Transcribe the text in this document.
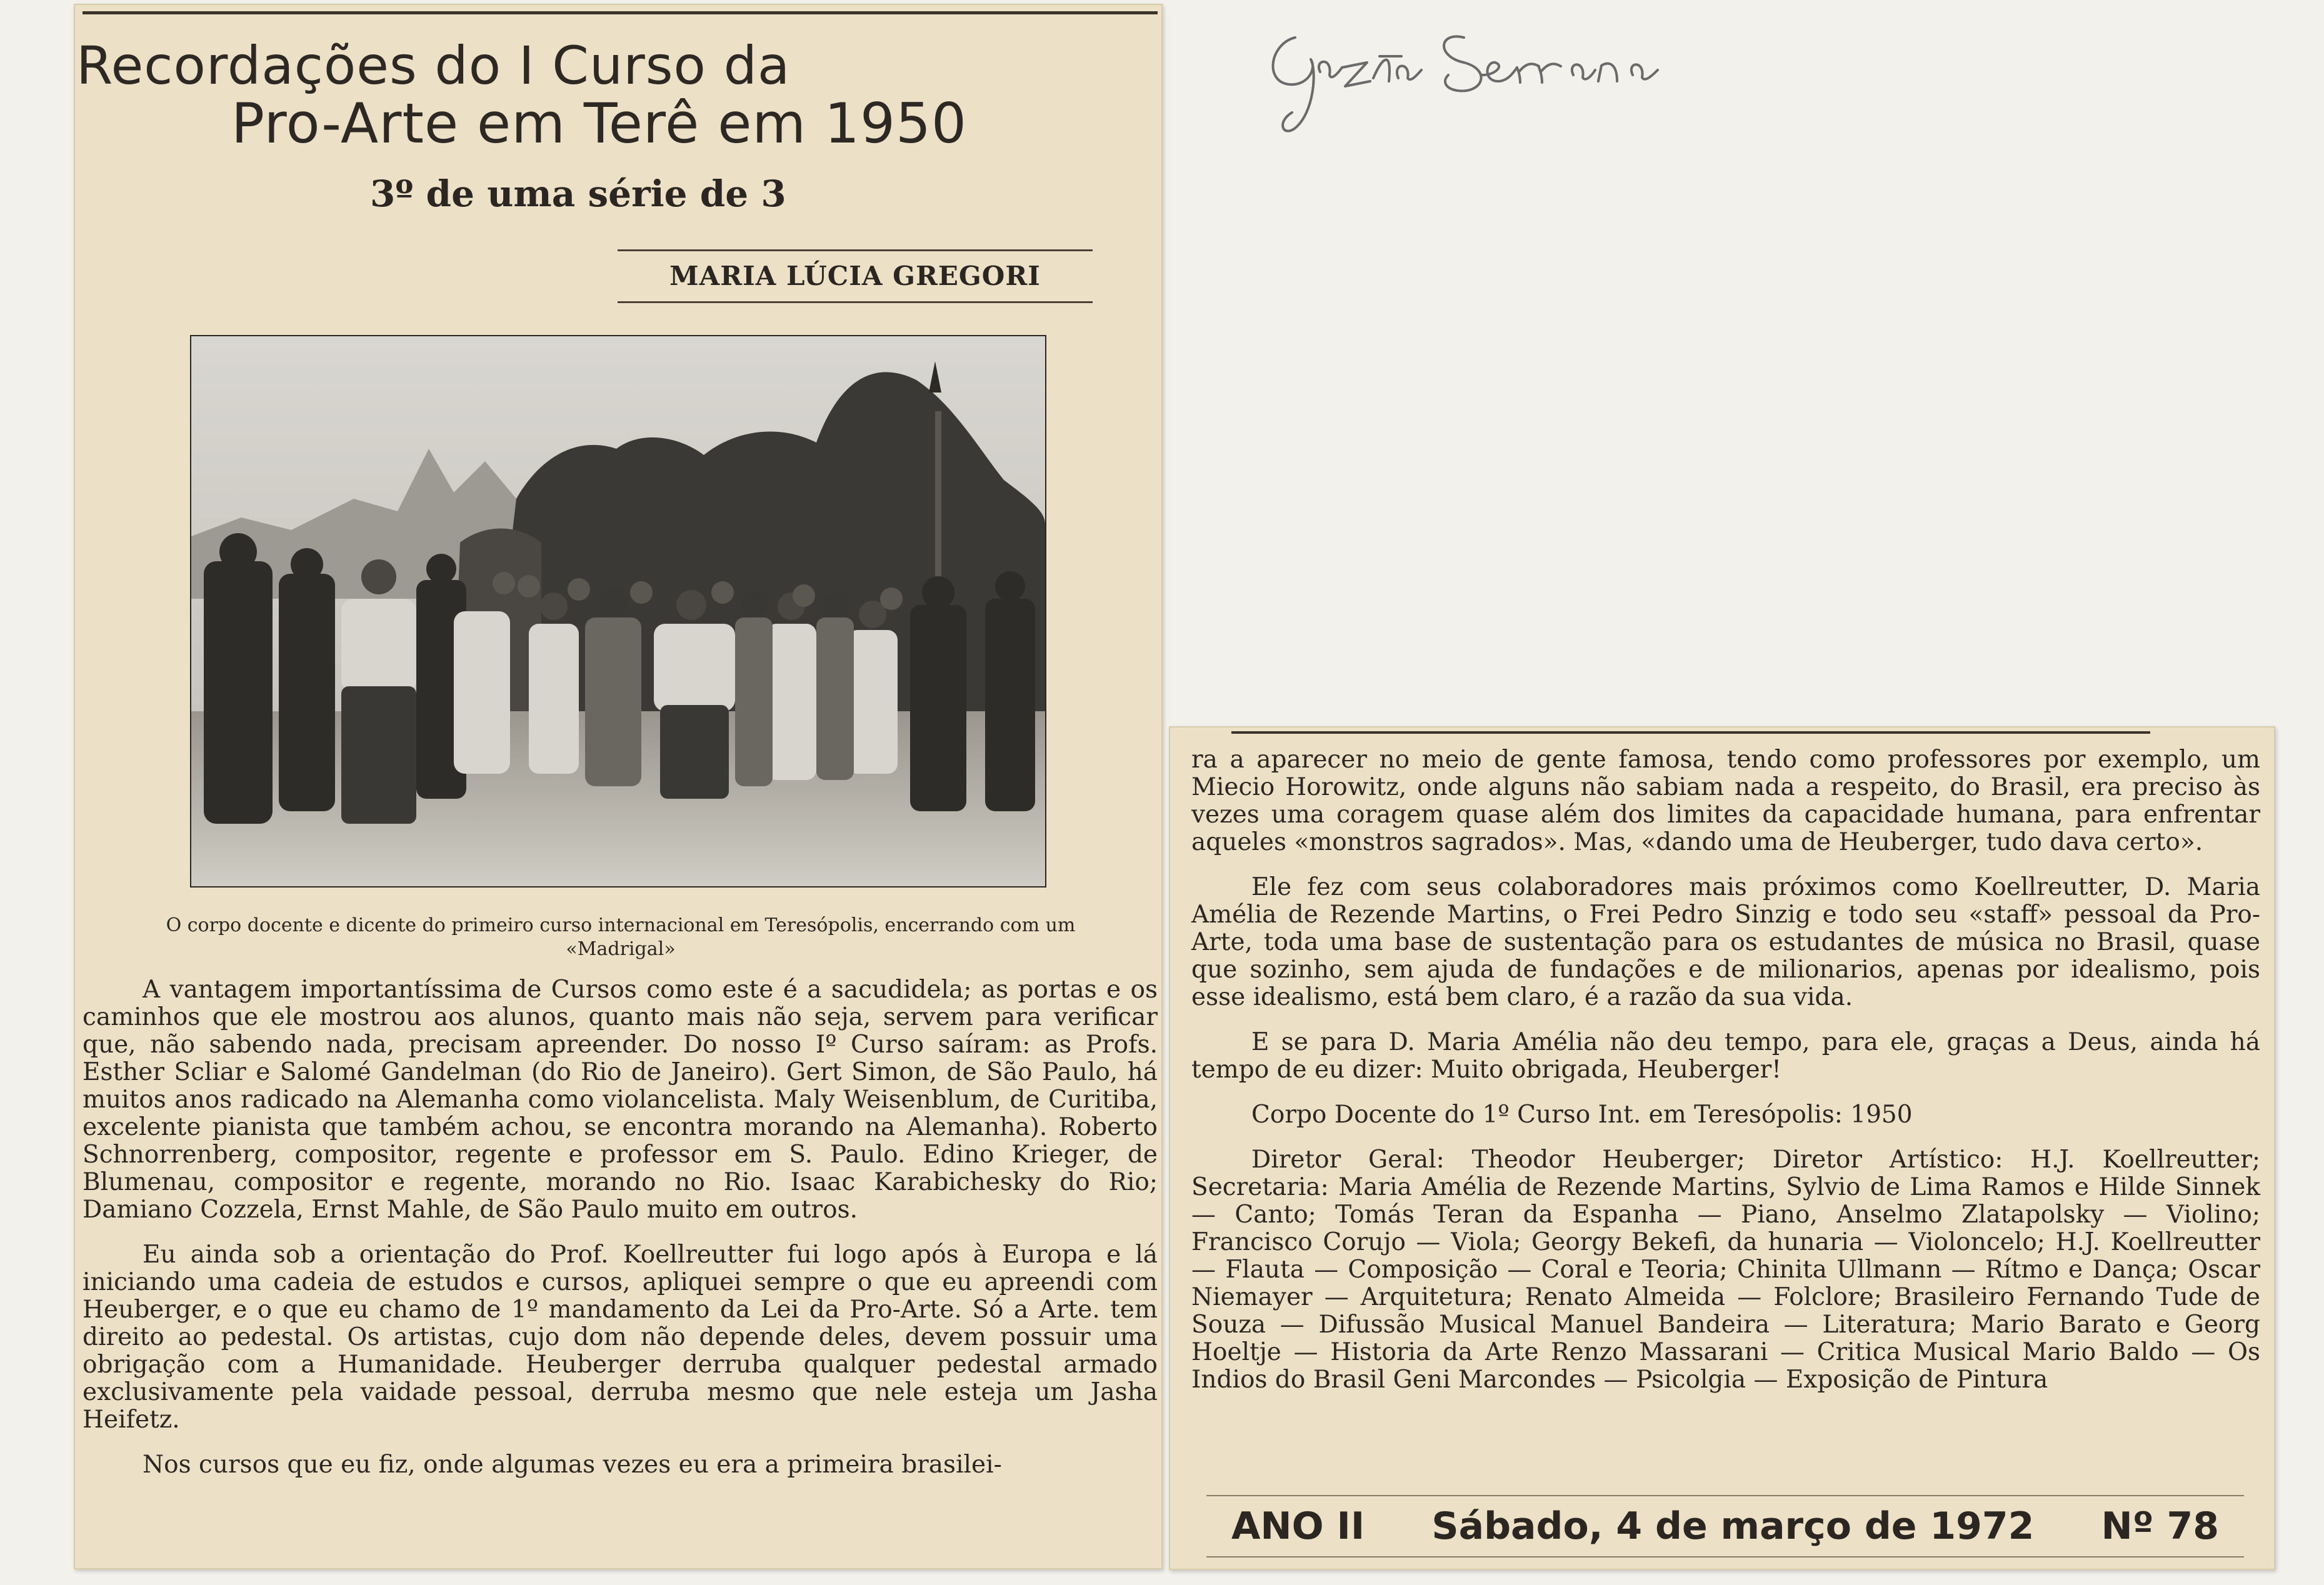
Recordações do I Curso da
Pro-Arte em Terê em 1950
3º de uma série de 3
MARIA LÚCIA GREGORI
O corpo docente e dicente do primeiro curso internacional em Teresópolis, encerrando com um «Madrigal»

A vantagem importantíssima de Cursos como este é a sacudidela; as portas e os caminhos que ele mostrou aos alunos, quanto mais não seja, servem para verificar que, não sabendo nada, precisam apreender. Do nosso Iº Curso saíram: as Profs. Esther Scliar e Salomé Gandelman (do Rio de Janeiro). Gert Simon, de São Paulo, há muitos anos radicado na Alemanha como violancelista. Maly Weisenblum, de Curitiba, excelente pianista que também achou, se encontra morando na Alemanha). Roberto Schnorrenberg, compositor, regente e professor em S. Paulo. Edino Krieger, de Blumenau, compositor e regente, morando no Rio. Isaac Karabichesky do Rio; Damiano Cozzela, Ernst Mahle, de São Paulo muito em outros.

Eu ainda sob a orientação do Prof. Koellreutter fui logo após à Europa e lá iniciando uma cadeia de estudos e cursos, apliquei sempre o que eu apreendi com Heuberger, e o que eu chamo de 1º mandamento da Lei da Pro-Arte. Só a Arte. tem direito ao pedestal. Os artistas, cujo dom não depende deles, devem possuir uma obrigação com a Humanidade. Heuberger derruba qualquer pedestal armado exclusivamente pela vaidade pessoal, derruba mesmo que nele esteja um Jasha Heifetz.

Nos cursos que eu fiz, onde algumas vezes eu era a primeira brasilei-

ra a aparecer no meio de gente famosa, tendo como professores por exemplo, um Miecio Horowitz, onde alguns não sabiam nada a respeito, do Brasil, era preciso às vezes uma coragem quase além dos limites da capacidade humana, para enfrentar aqueles «monstros sagrados». Mas, «dando uma de Heuberger, tudo dava certo».

Ele fez com seus colaboradores mais próximos como Koellreutter, D. Maria Amélia de Rezende Martins, o Frei Pedro Sinzig e todo seu «staff» pessoal da Pro-Arte, toda uma base de sustentação para os estudantes de música no Brasil, quase que sozinho, sem ajuda de fundações e de milionarios, apenas por idealismo, pois esse idealismo, está bem claro, é a razão da sua vida.

E se para D. Maria Amélia não deu tempo, para ele, graças a Deus, ainda há tempo de eu dizer: Muito obrigada, Heuberger!

Corpo Docente do 1º Curso Int. em Teresópolis: 1950

Diretor Geral: Theodor Heuberger; Diretor Artístico: H.J. Koellreutter; Secretaria: Maria Amélia de Rezende Martins, Sylvio de Lima Ramos e Hilde Sinnek — Canto; Tomás Teran da Espanha — Piano, Anselmo Zlatapolsky — Violino; Francisco Corujo — Viola; Georgy Bekefi, da hunaria — Violoncelo; H.J. Koellreutter — Flauta — Composição — Coral e Teoria; Chinita Ullmann — Rítmo e Dança; Oscar Niemayer — Arquitetura; Renato Almeida — Folclore; Brasileiro Fernando Tude de Souza — Difussão Musical Manuel Bandeira — Literatura; Mario Barato e Georg Hoeltje — Historia da Arte Renzo Massarani — Critica Musical Mario Baldo — Os Indios do Brasil Geni Marcondes — Psicolgia — Exposição de Pintura

ANO II Sábado, 4 de março de 1972 Nº 78
